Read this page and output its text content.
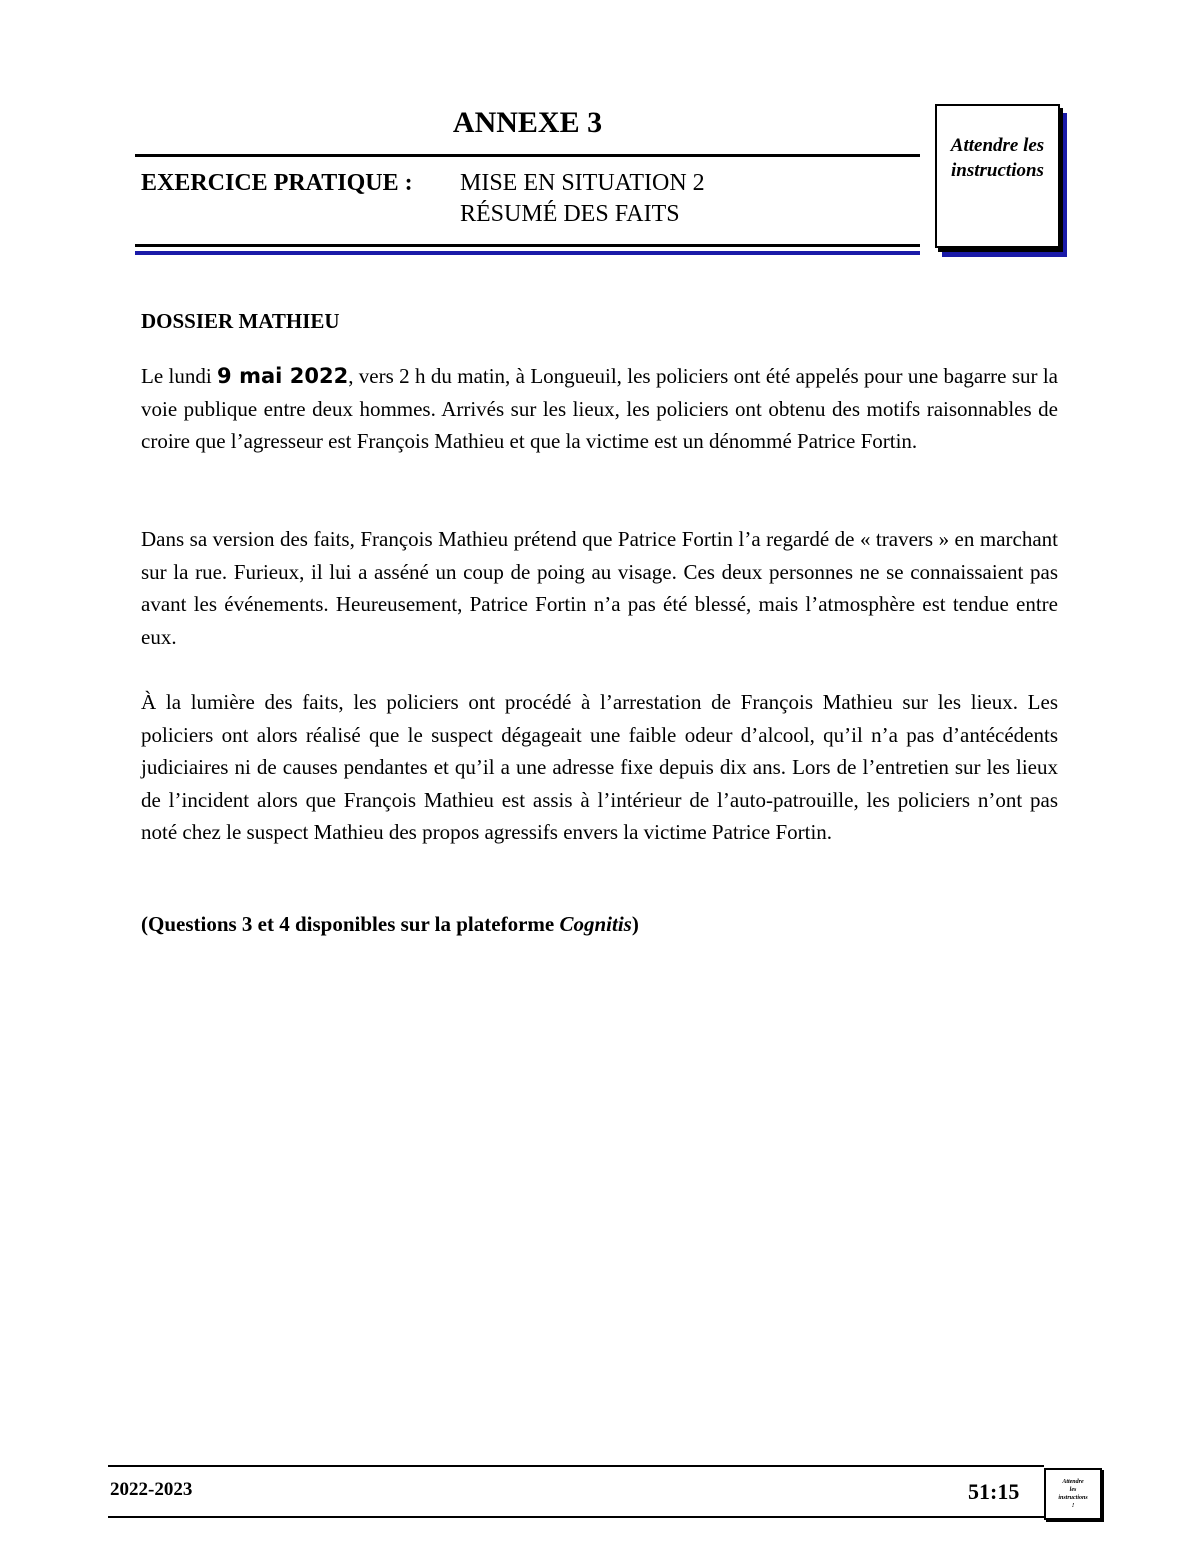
ANNEXE 3
EXERCICE PRATIQUE : MISE EN SITUATION 2
RÉSUMÉ DES FAITS
Attendre les
instructions
DOSSIER MATHIEU
Le lundi 9 mai 2022, vers 2 h du matin, à Longueuil, les policiers ont été appelés pour une bagarre sur la voie publique entre deux hommes. Arrivés sur les lieux, les policiers ont obtenu des motifs raisonnables de croire que l’agresseur est François Mathieu et que la victime est un dénommé Patrice Fortin.
Dans sa version des faits, François Mathieu prétend que Patrice Fortin l’a regardé de « travers » en marchant sur la rue. Furieux, il lui a asséné un coup de poing au visage. Ces deux personnes ne se connaissaient pas avant les événements. Heureusement, Patrice Fortin n’a pas été blessé, mais l’atmosphère est tendue entre eux.
À la lumière des faits, les policiers ont procédé à l’arrestation de François Mathieu sur les lieux. Les policiers ont alors réalisé que le suspect dégageait une faible odeur d’alcool, qu’il n’a pas d’antécédents judiciaires ni de causes pendantes et qu’il a une adresse fixe depuis dix ans. Lors de l’entretien sur les lieux de l’incident alors que François Mathieu est assis à l’intérieur de l’auto-patrouille, les policiers n’ont pas noté chez le suspect Mathieu des propos agressifs envers la victime Patrice Fortin.
(Questions 3 et 4 disponibles sur la plateforme Cognitis)
2022-2023	51:15	Attendre
les
instructions
!
